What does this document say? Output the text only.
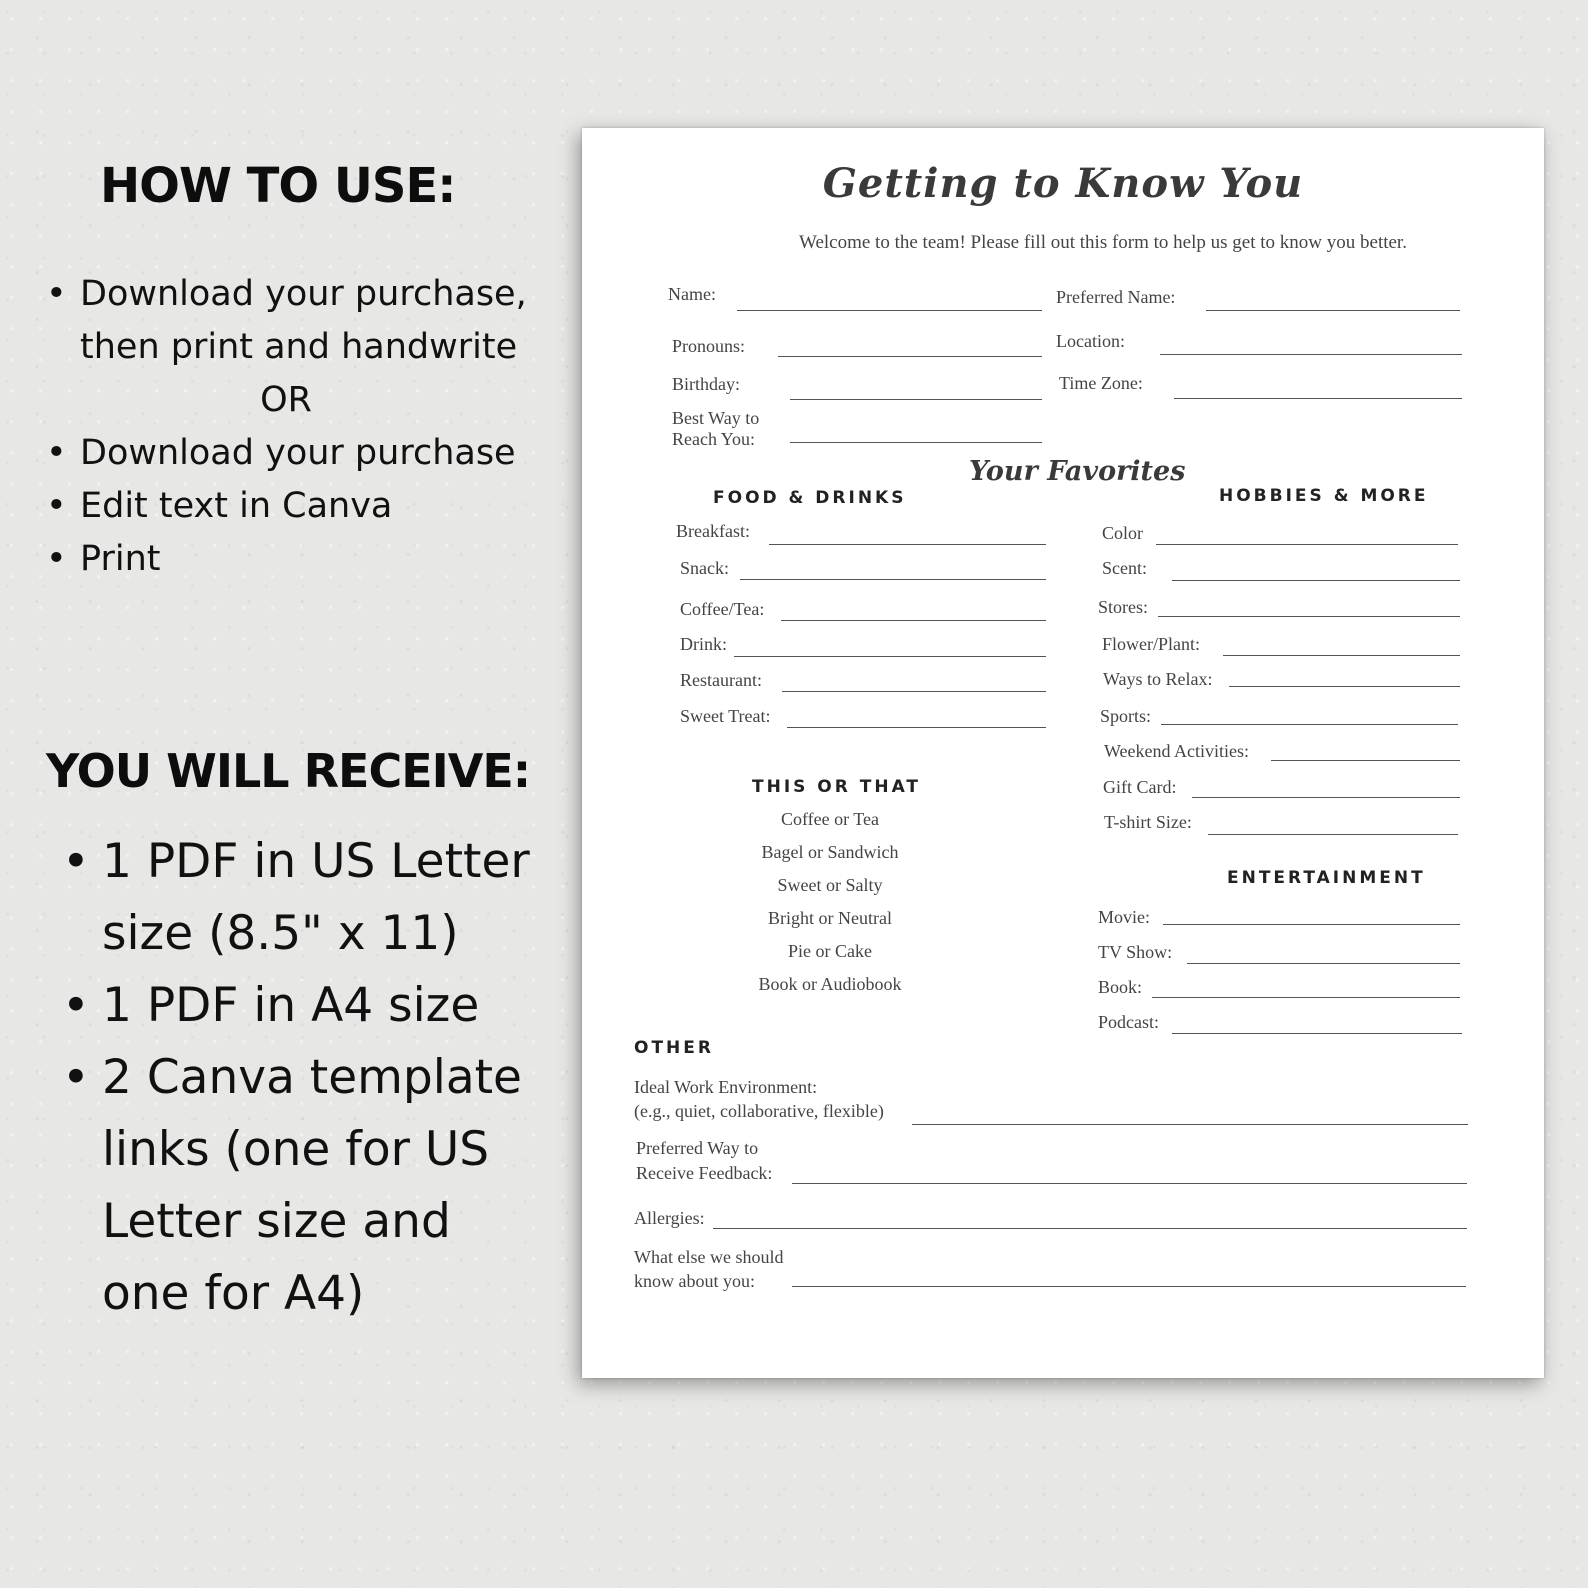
HOW TO USE:
• Download your purchase,
then print and handwrite
OR
• Download your purchase
• Edit text in Canva
• Print
YOU WILL RECEIVE:
• 1 PDF in US Letter
size (8.5" x 11)
• 1 PDF in A4 size
• 2 Canva template
links (one for US
Letter size and
one for A4)
Getting to Know You
Welcome to the team! Please fill out this form to help us get to know you better.
Name:	Preferred Name:
Pronouns:	Location:
Birthday:	Time Zone:
Best Way to
Reach You:
Your Favorites
FOOD & DRINKS	HOBBIES & MORE
Breakfast:
Snack:
Coffee/Tea:
Drink:
Restaurant:
Sweet Treat:
Color
Scent:
Stores:
Flower/Plant:
Ways to Relax:
Sports:
Weekend Activities:
Gift Card:
T-shirt Size:
THIS OR THAT
Coffee or Tea
Bagel or Sandwich
Sweet or Salty
Bright or Neutral
Pie or Cake
Book or Audiobook
ENTERTAINMENT
Movie:
TV Show:
Book:
Podcast:
OTHER
Ideal Work Environment:
(e.g., quiet, collaborative, flexible)
Preferred Way to
Receive Feedback:
Allergies:
What else we should
know about you:
